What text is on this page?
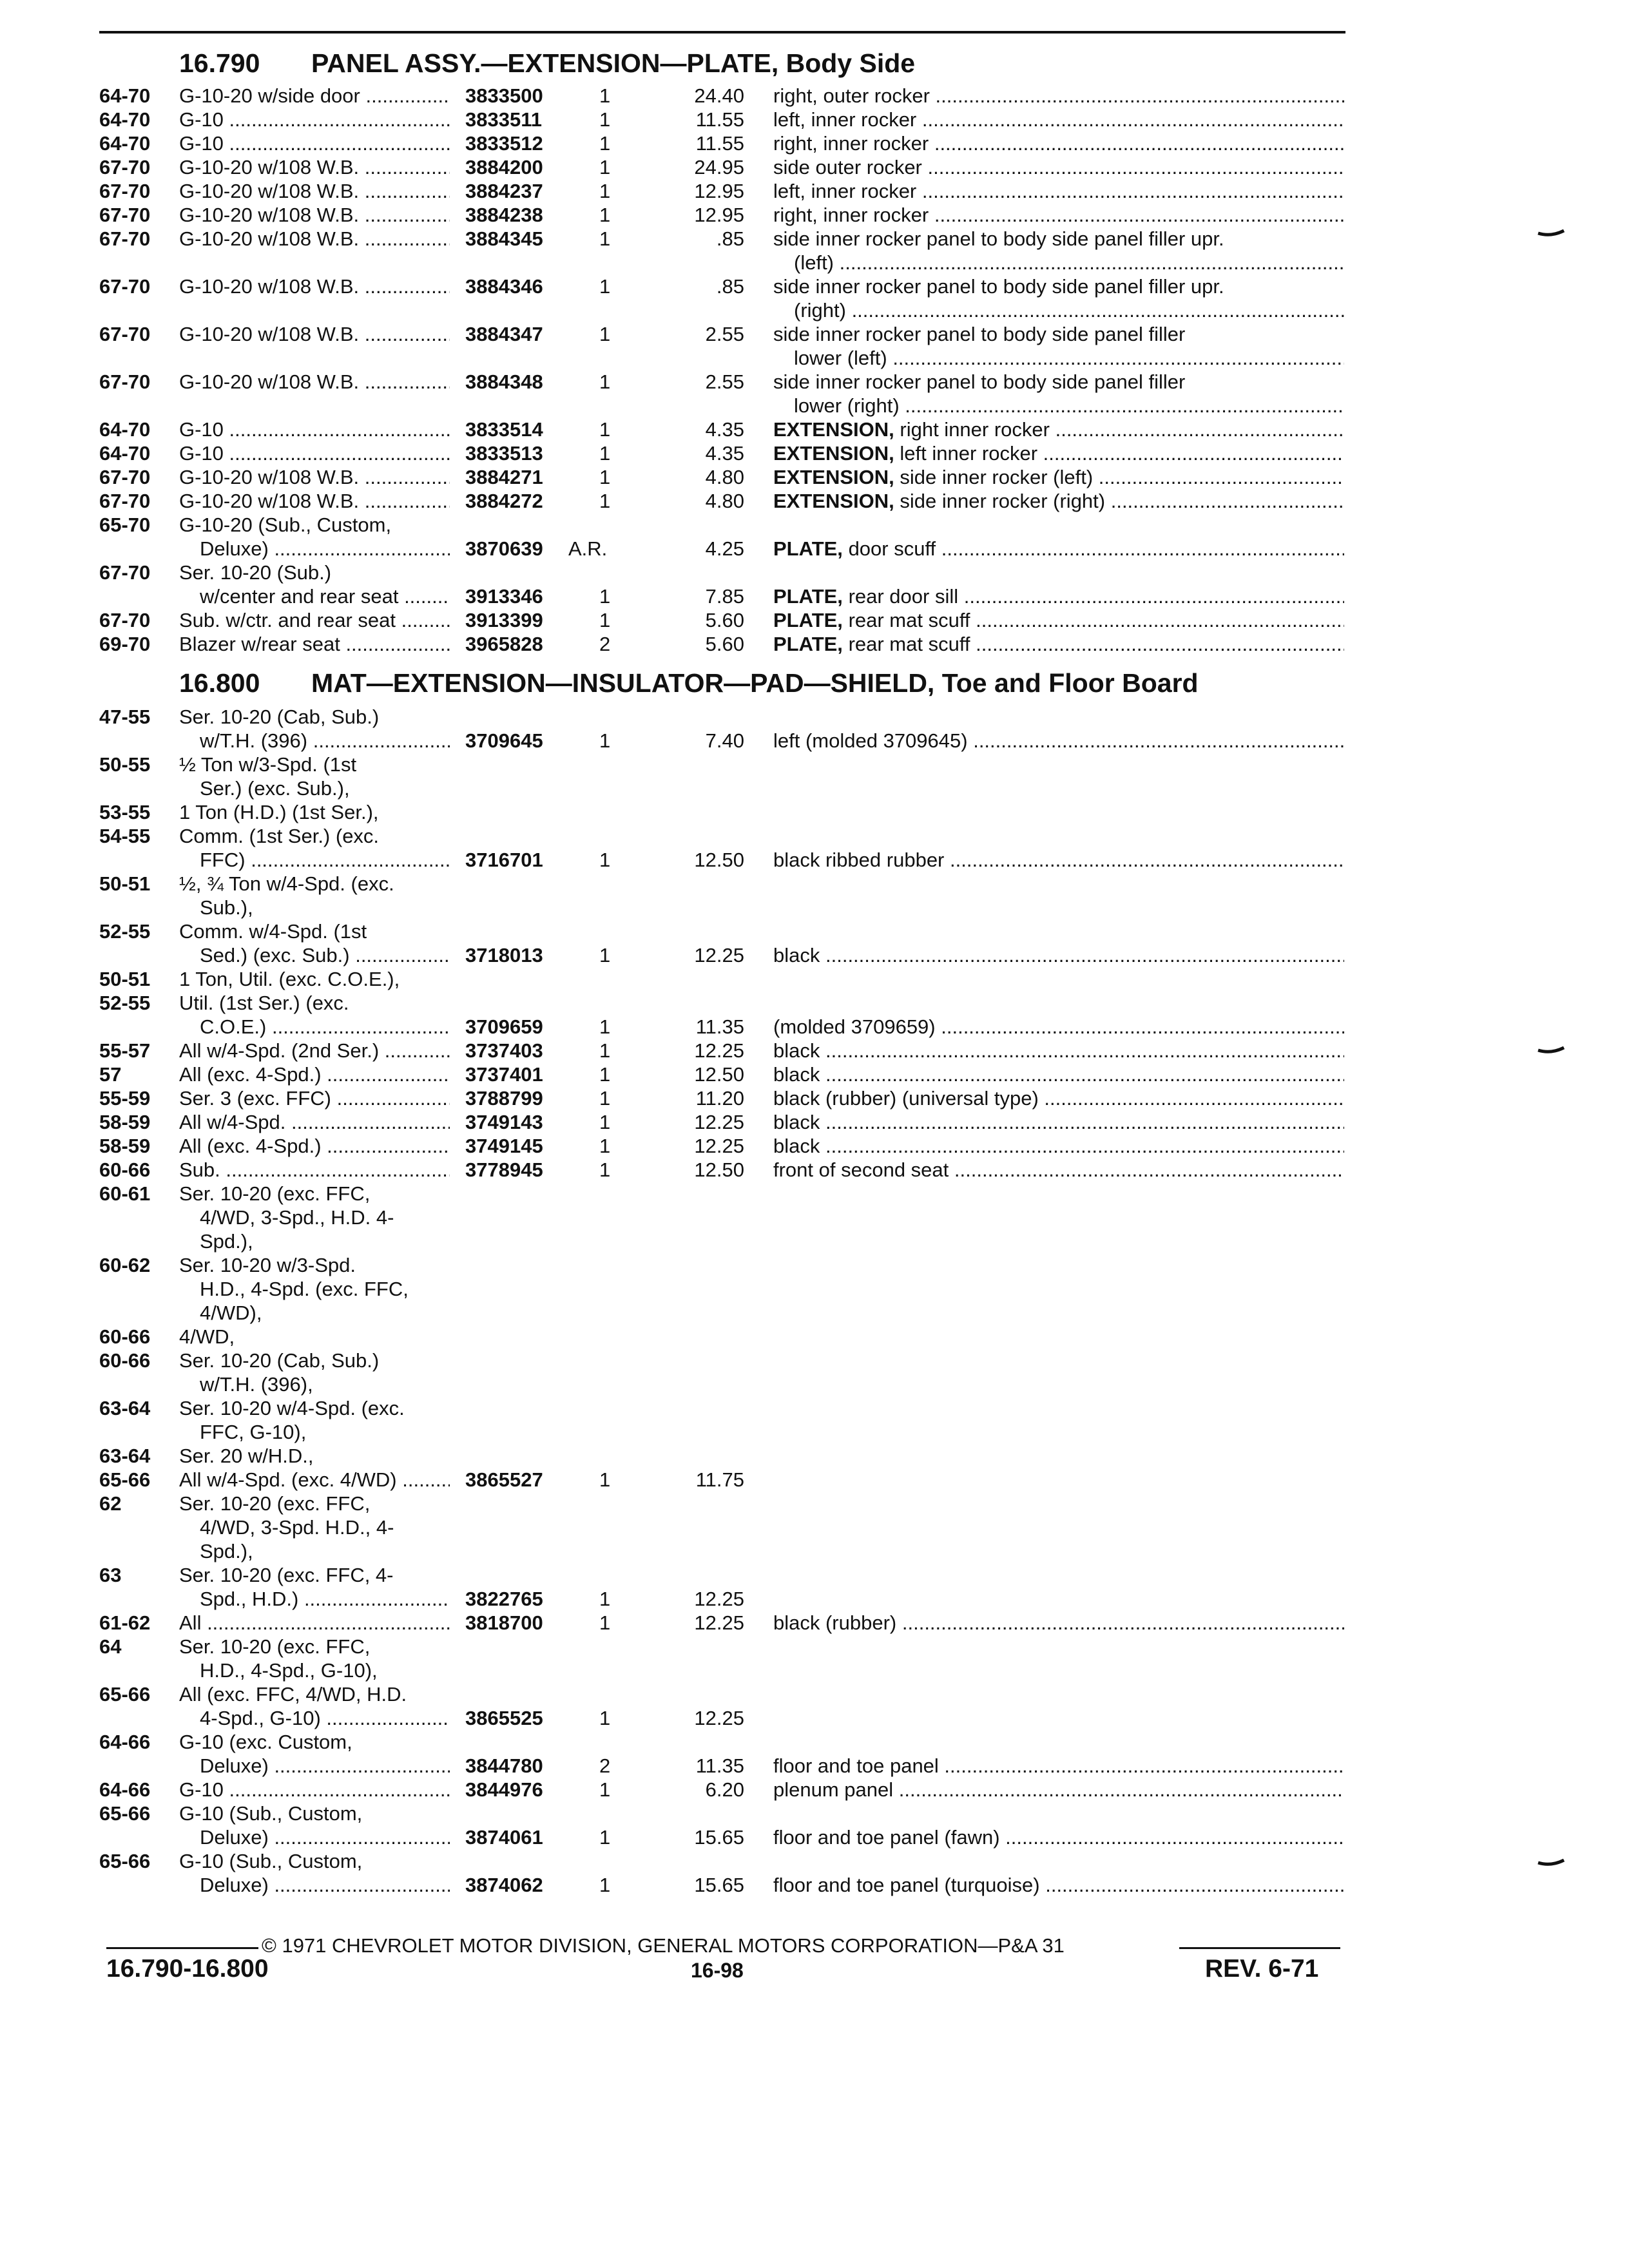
16.790 PANEL ASSY.—EXTENSION—PLATE, Body Side
64-70	G-10-20 w/side door .....	3833500	1	24.40 right, outer rocker .....
64-70	G-10 .....	3833511	1	11.55 left, inner rocker .....
64-70	G-10 .....	3833512	1	11.55 right, inner rocker .....
67-70	G-10-20 w/108 W.B. .....	3884200	1	24.95 side outer rocker .....
67-70	G-10-20 w/108 W.B. .....	3884237	1	12.95 left, inner rocker .....
67-70	G-10-20 w/108 W.B. .....	3884238	1	12.95 right, inner rocker .....
67-70	G-10-20 w/108 W.B. .....	3884345	1	.85 side inner rocker panel to body side panel filler upr.
(left) .....
67-70	G-10-20 w/108 W.B. .....	3884346	1	.85 side inner rocker panel to body side panel filler upr.
(right) .....
67-70	G-10-20 w/108 W.B. .....	3884347	1	2.55 side inner rocker panel to body side panel filler
lower (left) .....
67-70	G-10-20 w/108 W.B. .....	3884348	1	2.55 side inner rocker panel to body side panel filler
lower (right) .....
64-70	G-10 .....	3833514	1	4.35 EXTENSION, right inner rocker .....
64-70	G-10 .....	3833513	1	4.35 EXTENSION, left inner rocker .....
67-70	G-10-20 w/108 W.B. .....	3884271	1	4.80 EXTENSION, side inner rocker (left) .....
67-70	G-10-20 w/108 W.B. .....	3884272	1	4.80 EXTENSION, side inner rocker (right) .....
65-70	G-10-20 (Sub., Custom,
Deluxe) .....	3870639	A.R.	4.25 PLATE, door scuff .....
67-70	Ser. 10-20 (Sub.)
w/center and rear seat .....	3913346	1	7.85 PLATE, rear door sill .....
67-70	Sub. w/ctr. and rear seat .....	3913399	1	5.60 PLATE, rear mat scuff .....
69-70	Blazer w/rear seat .....	3965828	2	5.60 PLATE, rear mat scuff .....
16.800 MAT—EXTENSION—INSULATOR—PAD—SHIELD, Toe and Floor Board
47-55	Ser. 10-20 (Cab, Sub.)
w/T.H. (396) .....	3709645	1	7.40 left (molded 3709645) .....
50-55	½ Ton w/3-Spd. (1st
Ser.) (exc. Sub.),
53-55	1 Ton (H.D.) (1st Ser.),
54-55	Comm. (1st Ser.) (exc.
FFC) .....	3716701	1	12.50 black ribbed rubber .....
50-51	½, ¾ Ton w/4-Spd. (exc.
Sub.),
52-55	Comm. w/4-Spd. (1st
Sed.) (exc. Sub.) .....	3718013	1	12.25 black .....
50-51	1 Ton, Util. (exc. C.O.E.),
52-55	Util. (1st Ser.) (exc.
C.O.E.) .....	3709659	1	11.35 (molded 3709659) .....
55-57	All w/4-Spd. (2nd Ser.) .....	3737403	1	12.25 black .....
57	All (exc. 4-Spd.) .....	3737401	1	12.50 black .....
55-59	Ser. 3 (exc. FFC) .....	3788799	1	11.20 black (rubber) (universal type) .....
58-59	All w/4-Spd. .....	3749143	1	12.25 black .....
58-59	All (exc. 4-Spd.) .....	3749145	1	12.25 black .....
60-66	Sub. .....	3778945	1	12.50 front of second seat .....
60-61	Ser. 10-20 (exc. FFC,
4/WD, 3-Spd., H.D. 4-
Spd.),
60-62	Ser. 10-20 w/3-Spd.
H.D., 4-Spd. (exc. FFC,
4/WD),
60-66	4/WD,
60-66	Ser. 10-20 (Cab, Sub.)
w/T.H. (396),
63-64	Ser. 10-20 w/4-Spd. (exc.
FFC, G-10),
63-64	Ser. 20 w/H.D.,
65-66	All w/4-Spd. (exc. 4/WD) .....	3865527	1	11.75
62	Ser. 10-20 (exc. FFC,
4/WD, 3-Spd. H.D., 4-
Spd.),
63	Ser. 10-20 (exc. FFC, 4-
Spd., H.D.) .....	3822765	1	12.25
61-62	All .....	3818700	1	12.25 black (rubber) .....
64	Ser. 10-20 (exc. FFC,
H.D., 4-Spd., G-10),
65-66	All (exc. FFC, 4/WD, H.D.
4-Spd., G-10) .....	3865525	1	12.25
64-66	G-10 (exc. Custom,
Deluxe) .....	3844780	2	11.35 floor and toe panel .....
64-66	G-10 .....	3844976	1	6.20 plenum panel .....
65-66	G-10 (Sub., Custom,
Deluxe) .....	3874061	1	15.65 floor and toe panel (fawn) .....
65-66	G-10 (Sub., Custom,
Deluxe) .....	3874062	1	15.65 floor and toe panel (turquoise) .....
© 1971 CHEVROLET MOTOR DIVISION, GENERAL MOTORS CORPORATION—P&A 31
16.790-16.800	16-98	REV. 6-71
